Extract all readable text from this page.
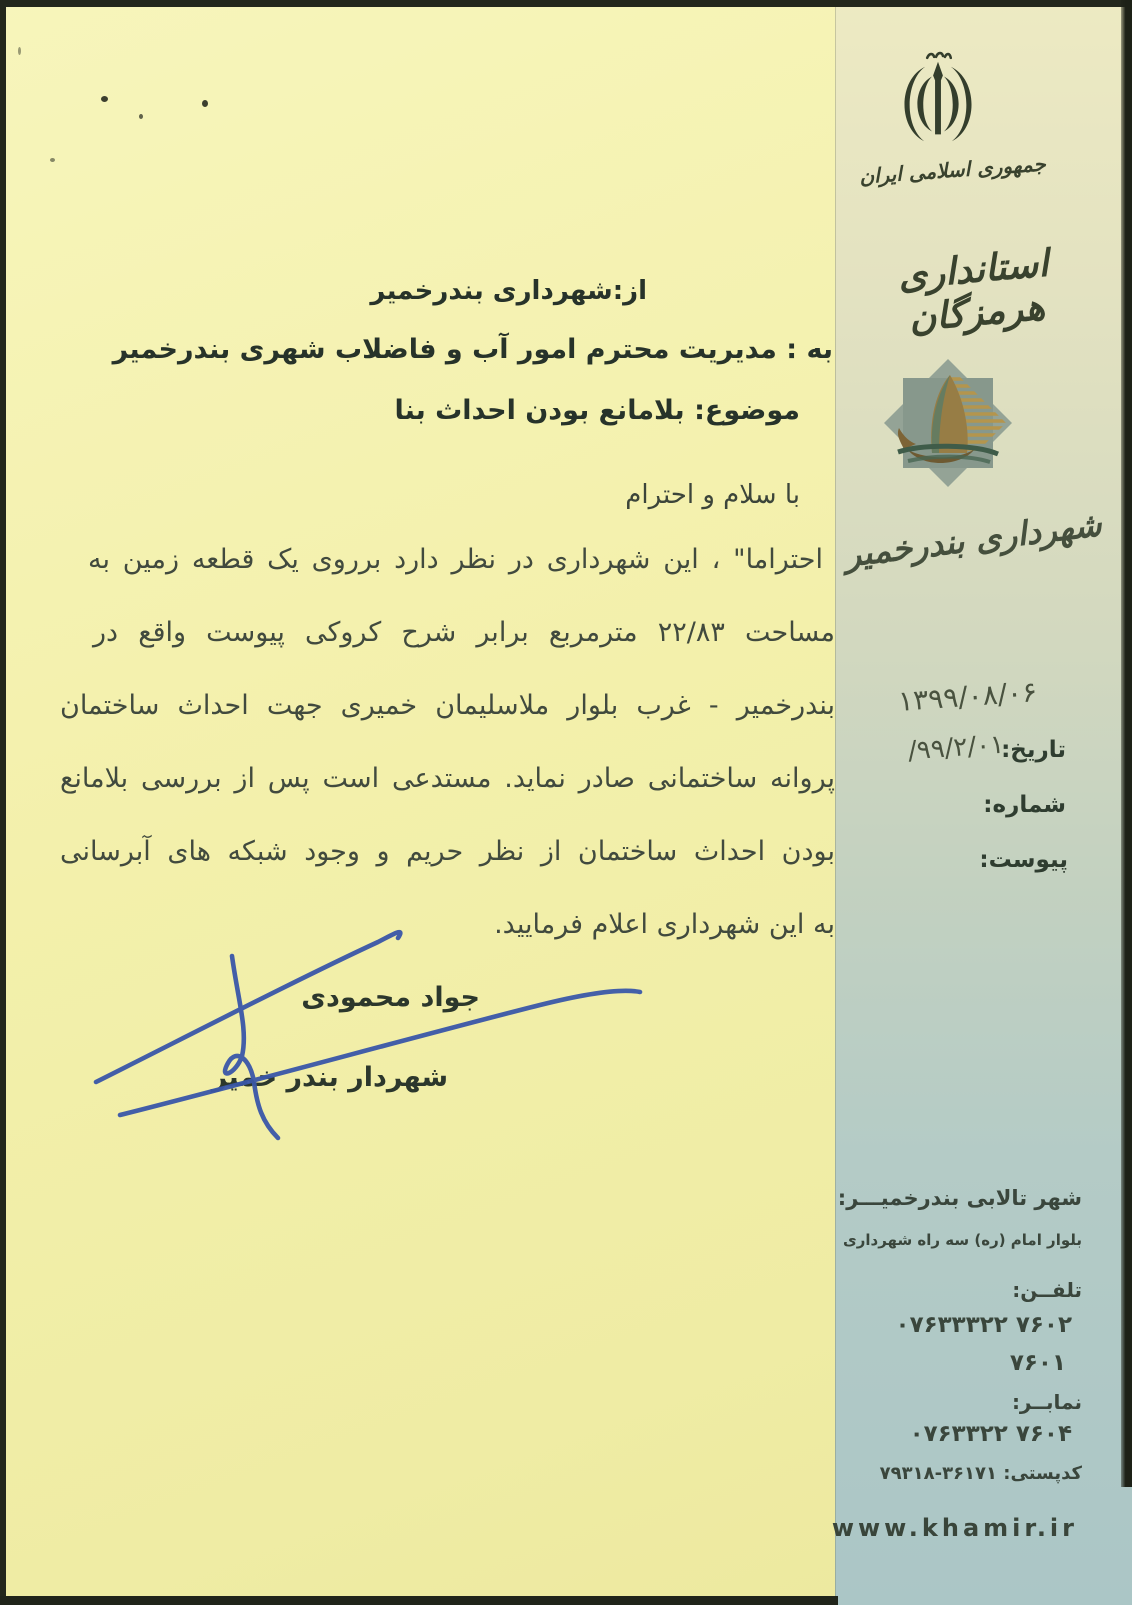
جمهوری اسلامی ایران
استانداری هرمزگان
شهرداری بندرخمیر
از:شهرداری بندرخمیر
به : مدیریت محترم امور آب و فاضلاب شهری بندرخمیر
موضوع: بلامانع بودن احداث بنا
با سلام و احترام
احتراما" ، این شهرداری در نظر دارد برروی یک قطعه زمین به
مساحت ۲۲/۸۳ مترمربع برابر شرح کروکی پیوست واقع در
بندرخمیر - غرب بلوار ملاسلیمان خمیری جهت احداث ساختمان
پروانه ساختمانی صادر نماید. مستدعی است پس از بررسی بلامانع
بودن احداث ساختمان از نظر حریم و وجود شبکه های آبرسانی
به این شهرداری اعلام فرمایید.
۱۳۹۹/۰۸/۰۶
تاریخ:
۹۹/۲/۰۱/
شماره:
پیوست:
جواد محمودی
شهردار بندر خمیر
شهر تالابی بندرخمیـــر:
بلوار امام (ره) سه راه شهرداری
تلفــن:
۰۷۶۳۳۳۲۲ ۷۶۰۲
۷۶۰۱
نمابــر:
۰۷۶۳۳۲۲ ۷۶۰۴
کدپستی: ۷۹۳۱۸-۳۶۱۷۱
www.khamir.ir
